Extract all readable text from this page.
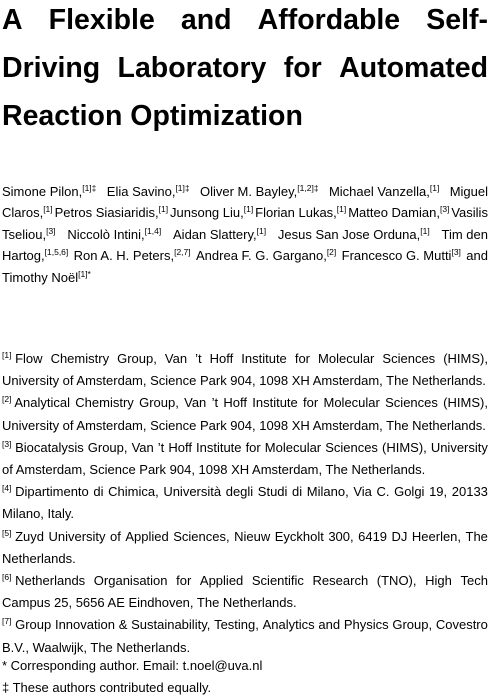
A Flexible and Affordable Self-
Driving Laboratory for Automated
Reaction Optimization
Simone Pilon,$^{[1]\ddagger}$ Elia Savino,$^{[1]\ddagger}$ Oliver M. Bayley,$^{[1,2]\ddagger}$ Michael Vanzella,[1] Miguel
Claros,[1] Petros Siasiaridis,[1] Junsong Liu,[1] Florian Lukas,[1] Matteo Damian,[3] Vasilis
Tseliou,[3] Niccolò Intini,[1,4] Aidan Slattery,[1] Jesus San Jose Orduna,[1] Tim den
Hartog,[1,5,6] Ron A. H. Peters,[2,7] Andrea F. G. Gargano,[2] Francesco G. Mutti[3] and
Timothy Noël$^{[1]*}$
[1] Flow Chemistry Group, Van ’t Hoff Institute for Molecular Sciences (HIMS),
University of Amsterdam, Science Park 904, 1098 XH Amsterdam, The Netherlands.
[2] Analytical Chemistry Group, Van ’t Hoff Institute for Molecular Sciences (HIMS),
University of Amsterdam, Science Park 904, 1098 XH Amsterdam, The Netherlands.
[3] Biocatalysis Group, Van ’t Hoff Institute for Molecular Sciences (HIMS), University
of Amsterdam, Science Park 904, 1098 XH Amsterdam, The Netherlands.
[4] Dipartimento di Chimica, Università degli Studi di Milano, Via C. Golgi 19, 20133
Milano, Italy.
[5] Zuyd University of Applied Sciences, Nieuw Eyckholt 300, 6419 DJ Heerlen, The
Netherlands.
[6] Netherlands Organisation for Applied Scientific Research (TNO), High Tech
Campus 25, 5656 AE Eindhoven, The Netherlands.
[7] Group Innovation & Sustainability, Testing, Analytics and Physics Group, Covestro
B.V., Waalwijk, The Netherlands.
* Corresponding author. Email: t.noel@uva.nl
‡ These authors contributed equally.
